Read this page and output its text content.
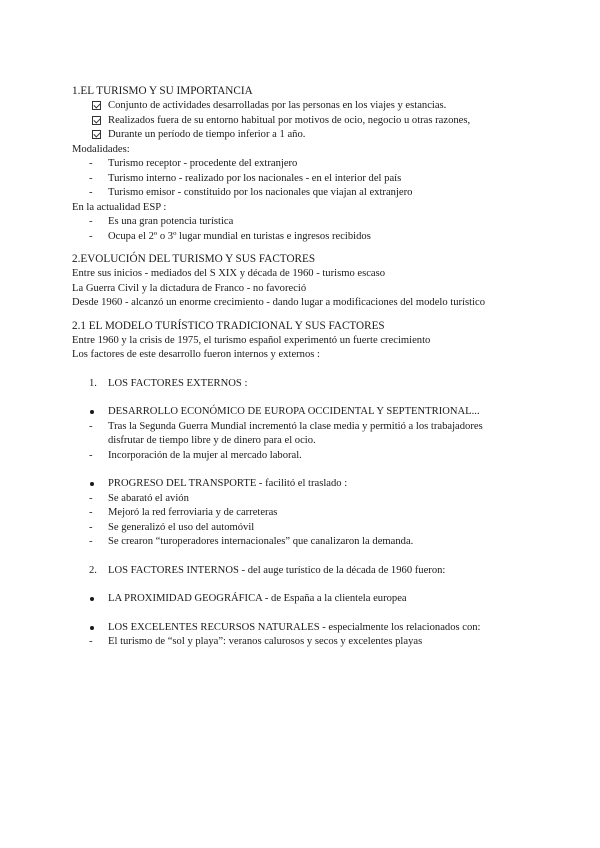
1.EL TURISMO Y SU IMPORTANCIA
Conjunto de actividades desarrolladas por las personas en los viajes y estancias.
Realizados fuera de su entorno habitual por motivos de ocio, negocio u otras razones,
Durante un período de tiempo inferior a 1 año.
Modalidades:
- Turismo receptor - procedente del extranjero
- Turismo interno - realizado por los nacionales - en el interior del país
- Turismo emisor - constituido por los nacionales que viajan al extranjero
En la actualidad ESP :
- Es una gran potencia turística
- Ocupa el 2º o 3º lugar mundial en turistas e ingresos recibidos
2.EVOLUCIÓN DEL TURISMO Y SUS FACTORES
Entre sus inicios - mediados del S XIX y década de 1960 - turismo escaso
La Guerra Civil y la dictadura de Franco - no favoreció
Desde 1960 - alcanzó un enorme crecimiento - dando lugar a modificaciones del modelo turístico
2.1 EL MODELO TURÍSTICO TRADICIONAL Y SUS FACTORES
Entre 1960 y la crisis de 1975, el turismo español experimentó un fuerte crecimiento
Los factores de este desarrollo fueron internos y externos :
1. LOS FACTORES EXTERNOS :
DESARROLLO ECONÓMICO DE EUROPA OCCIDENTAL Y SEPTENTRIONAL...
- Tras la Segunda Guerra Mundial incrementó la clase media y permitió a los trabajadores
disfrutar de tiempo libre y de dinero para el ocio.
- Incorporación de la mujer al mercado laboral.
PROGRESO DEL TRANSPORTE - facilitó el traslado :
- Se abarató el avión
- Mejoró la red ferroviaria y de carreteras
- Se generalizó el uso del automóvil
- Se crearon “turoperadores internacionales” que canalizaron la demanda.
2. LOS FACTORES INTERNOS - del auge turístico de la década de 1960 fueron:
LA PROXIMIDAD GEOGRÁFICA - de España a la clientela europea
LOS EXCELENTES RECURSOS NATURALES - especialmente los relacionados con:
- El turismo de “sol y playa”: veranos calurosos y secos y excelentes playas
